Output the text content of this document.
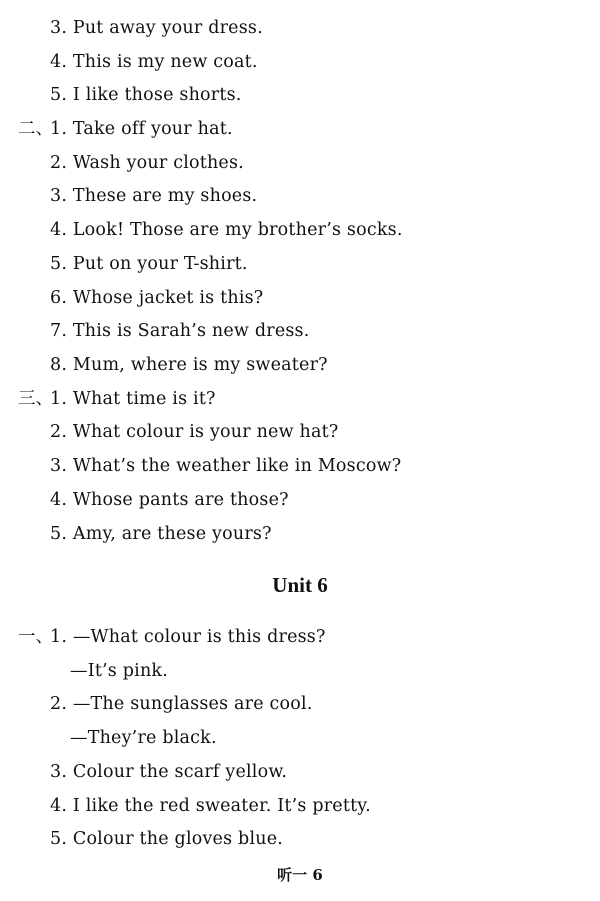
3. Put away your dress.
4. This is my new coat.
5. I like those shorts.
二、
1. Take off your hat.
2. Wash your clothes.
3. These are my shoes.
4. Look! Those are my brother’s socks.
5. Put on your T-shirt.
6. Whose jacket is this?
7. This is Sarah’s new dress.
8. Mum, where is my sweater?
三、
1. What time is it?
2. What colour is your new hat?
3. What’s the weather like in Moscow?
4. Whose pants are those?
5. Amy, are these yours?
Unit 6
一、
1. —What colour is this dress?
—It’s pink.
2. —The sunglasses are cool.
—They’re black.
3. Colour the scarf yellow.
4. I like the red sweater. It’s pretty.
5. Colour the gloves blue.
听一 6
